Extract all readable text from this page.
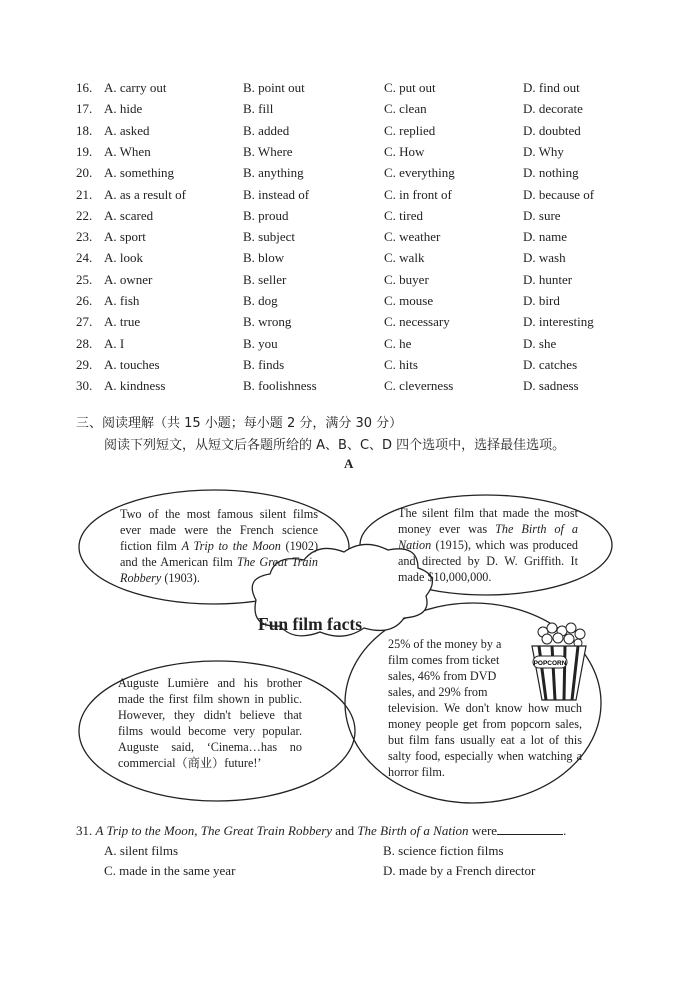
16. A. carry out	B. point out	C. put out	D. find out
17. A. hide	B. fill	C. clean	D. decorate
18. A. asked	B. added	C. replied	D. doubted
19. A. When	B. Where	C. How	D. Why
20. A. something	B. anything	C. everything	D. nothing
21. A. as a result of	B. instead of	C. in front of	D. because of
22. A. scared	B. proud	C. tired	D. sure
23. A. sport	B. subject	C. weather	D. name
24. A. look	B. blow	C. walk	D. wash
25. A. owner	B. seller	C. buyer	D. hunter
26. A. fish	B. dog	C. mouse	D. bird
27. A. true	B. wrong	C. necessary	D. interesting
28. A. I	B. you	C. he	D. she
29. A. touches	B. finds	C. hits	D. catches
30. A. kindness	B. foolishness	C. cleverness	D. sadness
三、阅读理解（共 15 小题；每小题 2 分，满分 30 分）
阅读下列短文，从短文后各题所给的 A、B、C、D 四个选项中，选择最佳选项。
A
POPCORN
Fun film facts
Two of the most famous silent films ever made were the French science fiction film A Trip to the Moon (1902) and the American film The Great Train Robbery (1903).
The silent film that made the most money ever was The Birth of a Nation (1915), which was produced and directed by D. W. Griffith. It made $10,000,000.
Auguste Lumière and his brother made the first film shown in public. However, they didn't believe that films would become very popular. Auguste said, ‘Cinema…has no commercial（商业）future!’
25% of the money by a
film comes from ticket
sales, 46% from DVD
sales, and 29% from
television. We don't know how much money people get from popcorn sales, but film fans usually eat a lot of this salty food, especially when watching a horror film.
31. A Trip to the Moon, The Great Train Robbery and The Birth of a Nation were	.
A. silent films	B. science fiction films
C. made in the same year	D. made by a French director
